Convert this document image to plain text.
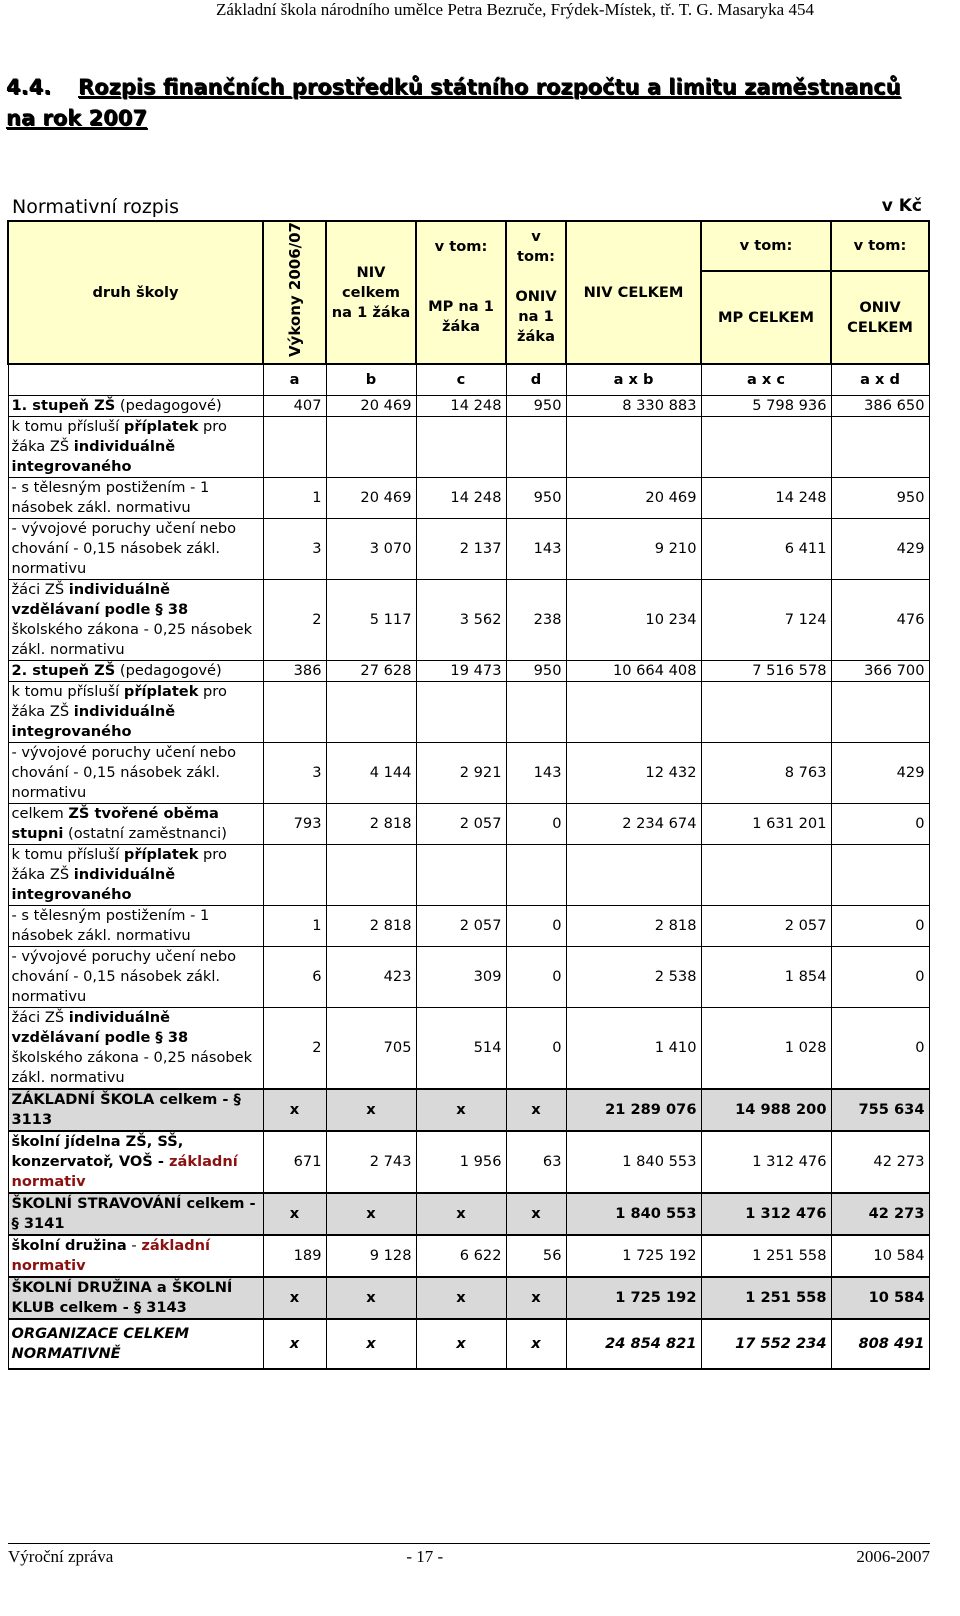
Základní škola národního umělce Petra Bezruče, Frýdek-Místek, tř. T. G. Masaryka 454
4.4. Rozpis finančních prostředků státního rozpočtu a limitu zaměstnanců na rok 2007
Normativní rozpis	v Kč
druh školy	Výkony 2006/07	NIV celkem na 1 žáka	v tom:	v tom:	NIV CELKEM	v tom:	v tom:
			MP na 1 žáka	ONIV na 1 žáka		MP CELKEM	ONIV CELKEM
	a	b	c	d	a x b	a x c	a x d
1. stupeň ZŠ (pedagogové)	407	20 469	14 248	950	8 330 883	5 798 936	386 650
k tomu přísluší příplatek pro žáka ZŠ individuálně integrovaného							
- s tělesným postižením - 1 násobek zákl. normativu	1	20 469	14 248	950	20 469	14 248	950
- vývojové poruchy učení nebo chování - 0,15 násobek zákl. normativu	3	3 070	2 137	143	9 210	6 411	429
žáci ZŠ individuálně vzdělávaní podle § 38 školského zákona - 0,25 násobek zákl. normativu	2	5 117	3 562	238	10 234	7 124	476
2. stupeň ZŠ (pedagogové)	386	27 628	19 473	950	10 664 408	7 516 578	366 700
k tomu přísluší příplatek pro žáka ZŠ individuálně integrovaného							
- vývojové poruchy učení nebo chování - 0,15 násobek zákl. normativu	3	4 144	2 921	143	12 432	8 763	429
celkem ZŠ tvořené oběma stupni (ostatní zaměstnanci)	793	2 818	2 057	0	2 234 674	1 631 201	0
k tomu přísluší příplatek pro žáka ZŠ individuálně integrovaného							
- s tělesným postižením - 1 násobek zákl. normativu	1	2 818	2 057	0	2 818	2 057	0
- vývojové poruchy učení nebo chování - 0,15 násobek zákl. normativu	6	423	309	0	2 538	1 854	0
žáci ZŠ individuálně vzdělávaní podle § 38 školského zákona - 0,25 násobek zákl. normativu	2	705	514	0	1 410	1 028	0
ZÁKLADNÍ ŠKOLA celkem - § 3113	x	x	x	x	21 289 076	14 988 200	755 634
školní jídelna ZŠ, SŠ, konzervatoř, VOŠ - základní normativ	671	2 743	1 956	63	1 840 553	1 312 476	42 273
ŠKOLNÍ STRAVOVÁNÍ celkem - § 3141	x	x	x	x	1 840 553	1 312 476	42 273
školní družina - základní normativ	189	9 128	6 622	56	1 725 192	1 251 558	10 584
ŠKOLNÍ DRUŽINA a ŠKOLNÍ KLUB celkem - § 3143	x	x	x	x	1 725 192	1 251 558	10 584
ORGANIZACE CELKEM NORMATIVNĚ	x	x	x	x	24 854 821	17 552 234	808 491
Výroční zpráva	- 17 -	2006-2007
